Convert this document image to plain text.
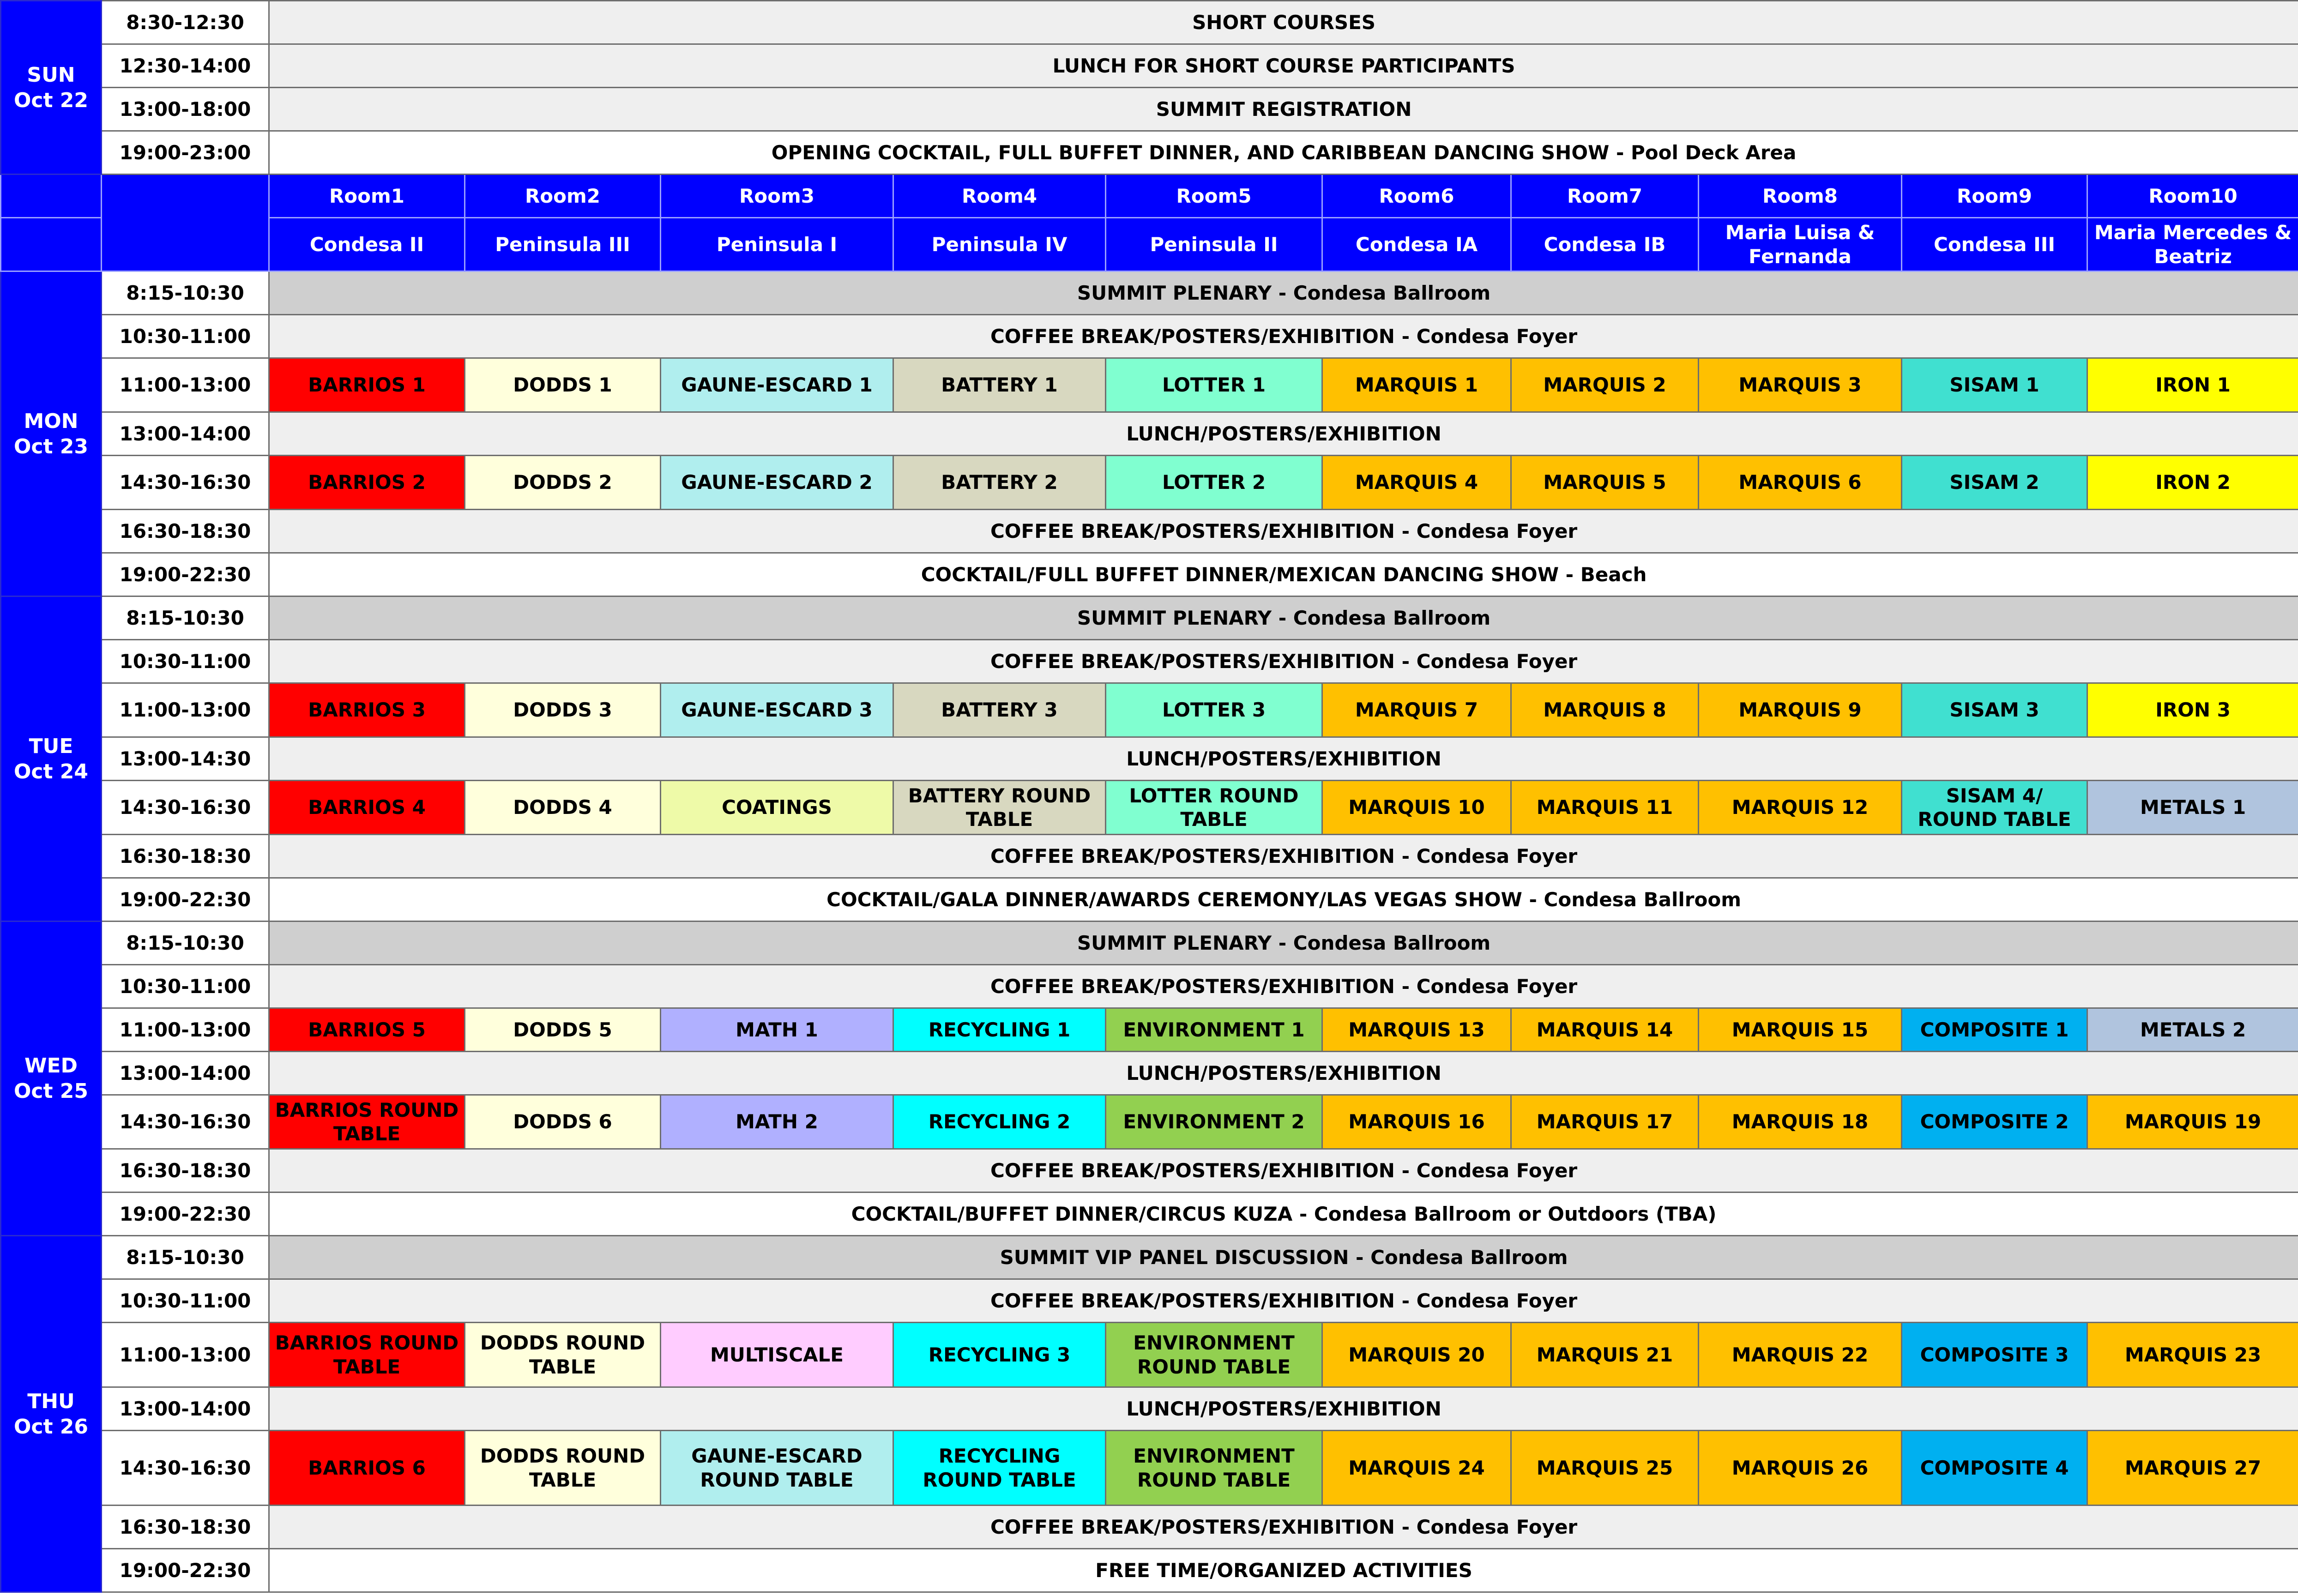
SUN
Oct 22	8:30-12:30	SHORT COURSES									
	12:30-14:00	LUNCH FOR SHORT COURSE PARTICIPANTS									
	13:00-18:00	SUMMIT REGISTRATION									
	19:00-23:00	OPENING COCKTAIL, FULL BUFFET DINNER, AND CARIBBEAN DANCING SHOW - Pool Deck Area									
		Room1	Room2	Room3	Room4	Room5	Room6	Room7	Room8	Room9	Room10
		Condesa II	Peninsula III	Peninsula I	Peninsula IV	Peninsula II	Condesa IA	Condesa IB	Maria Luisa & Fernanda	Condesa III	Maria Mercedes & Beatriz

MON
Oct 23	8:15-10:30	SUMMIT PLENARY - Condesa Ballroom									
	10:30-11:00	COFFEE BREAK/POSTERS/EXHIBITION - Condesa Foyer									
	11:00-13:00	BARRIOS 1	DODDS 1	GAUNE-ESCARD 1	BATTERY 1	LOTTER 1	MARQUIS 1	MARQUIS 2	MARQUIS 3	SISAM 1	IRON 1
	13:00-14:00	LUNCH/POSTERS/EXHIBITION									
	14:30-16:30	BARRIOS 2	DODDS 2	GAUNE-ESCARD 2	BATTERY 2	LOTTER 2	MARQUIS 4	MARQUIS 5	MARQUIS 6	SISAM 2	IRON 2
	16:30-18:30	COFFEE BREAK/POSTERS/EXHIBITION - Condesa Foyer									
	19:00-22:30	COCKTAIL/FULL BUFFET DINNER/MEXICAN DANCING SHOW - Beach									

TUE
Oct 24	8:15-10:30	SUMMIT PLENARY - Condesa Ballroom									
	10:30-11:00	COFFEE BREAK/POSTERS/EXHIBITION - Condesa Foyer									
	11:00-13:00	BARRIOS 3	DODDS 3	GAUNE-ESCARD 3	BATTERY 3	LOTTER 3	MARQUIS 7	MARQUIS 8	MARQUIS 9	SISAM 3	IRON 3
	13:00-14:30	LUNCH/POSTERS/EXHIBITION									
	14:30-16:30	BARRIOS 4	DODDS 4	COATINGS	BATTERY ROUND TABLE	LOTTER ROUND TABLE	MARQUIS 10	MARQUIS 11	MARQUIS 12	SISAM 4/ ROUND TABLE	METALS 1
	16:30-18:30	COFFEE BREAK/POSTERS/EXHIBITION - Condesa Foyer									
	19:00-22:30	COCKTAIL/GALA DINNER/AWARDS CEREMONY/LAS VEGAS SHOW - Condesa Ballroom									

WED
Oct 25	8:15-10:30	SUMMIT PLENARY - Condesa Ballroom									
	10:30-11:00	COFFEE BREAK/POSTERS/EXHIBITION - Condesa Foyer									
	11:00-13:00	BARRIOS 5	DODDS 5	MATH 1	RECYCLING 1	ENVIRONMENT 1	MARQUIS 13	MARQUIS 14	MARQUIS 15	COMPOSITE 1	METALS 2
	13:00-14:00	LUNCH/POSTERS/EXHIBITION									
	14:30-16:30	BARRIOS ROUND TABLE	DODDS 6	MATH 2	RECYCLING 2	ENVIRONMENT 2	MARQUIS 16	MARQUIS 17	MARQUIS 18	COMPOSITE 2	MARQUIS 19
	16:30-18:30	COFFEE BREAK/POSTERS/EXHIBITION - Condesa Foyer									
	19:00-22:30	COCKTAIL/BUFFET DINNER/CIRCUS KUZA - Condesa Ballroom or Outdoors (TBA)									

THU
Oct 26	8:15-10:30	SUMMIT VIP PANEL DISCUSSION - Condesa Ballroom									
	10:30-11:00	COFFEE BREAK/POSTERS/EXHIBITION - Condesa Foyer									
	11:00-13:00	BARRIOS ROUND TABLE	DODDS ROUND TABLE	MULTISCALE	RECYCLING 3	ENVIRONMENT ROUND TABLE	MARQUIS 20	MARQUIS 21	MARQUIS 22	COMPOSITE 3	MARQUIS 23
	13:00-14:00	LUNCH/POSTERS/EXHIBITION									
	14:30-16:30	BARRIOS 6	DODDS ROUND TABLE	GAUNE-ESCARD ROUND TABLE	RECYCLING ROUND TABLE	ENVIRONMENT ROUND TABLE	MARQUIS 24	MARQUIS 25	MARQUIS 26	COMPOSITE 4	MARQUIS 27
	16:30-18:30	COFFEE BREAK/POSTERS/EXHIBITION - Condesa Foyer									
	19:00-22:30	FREE TIME/ORGANIZED ACTIVITIES									
